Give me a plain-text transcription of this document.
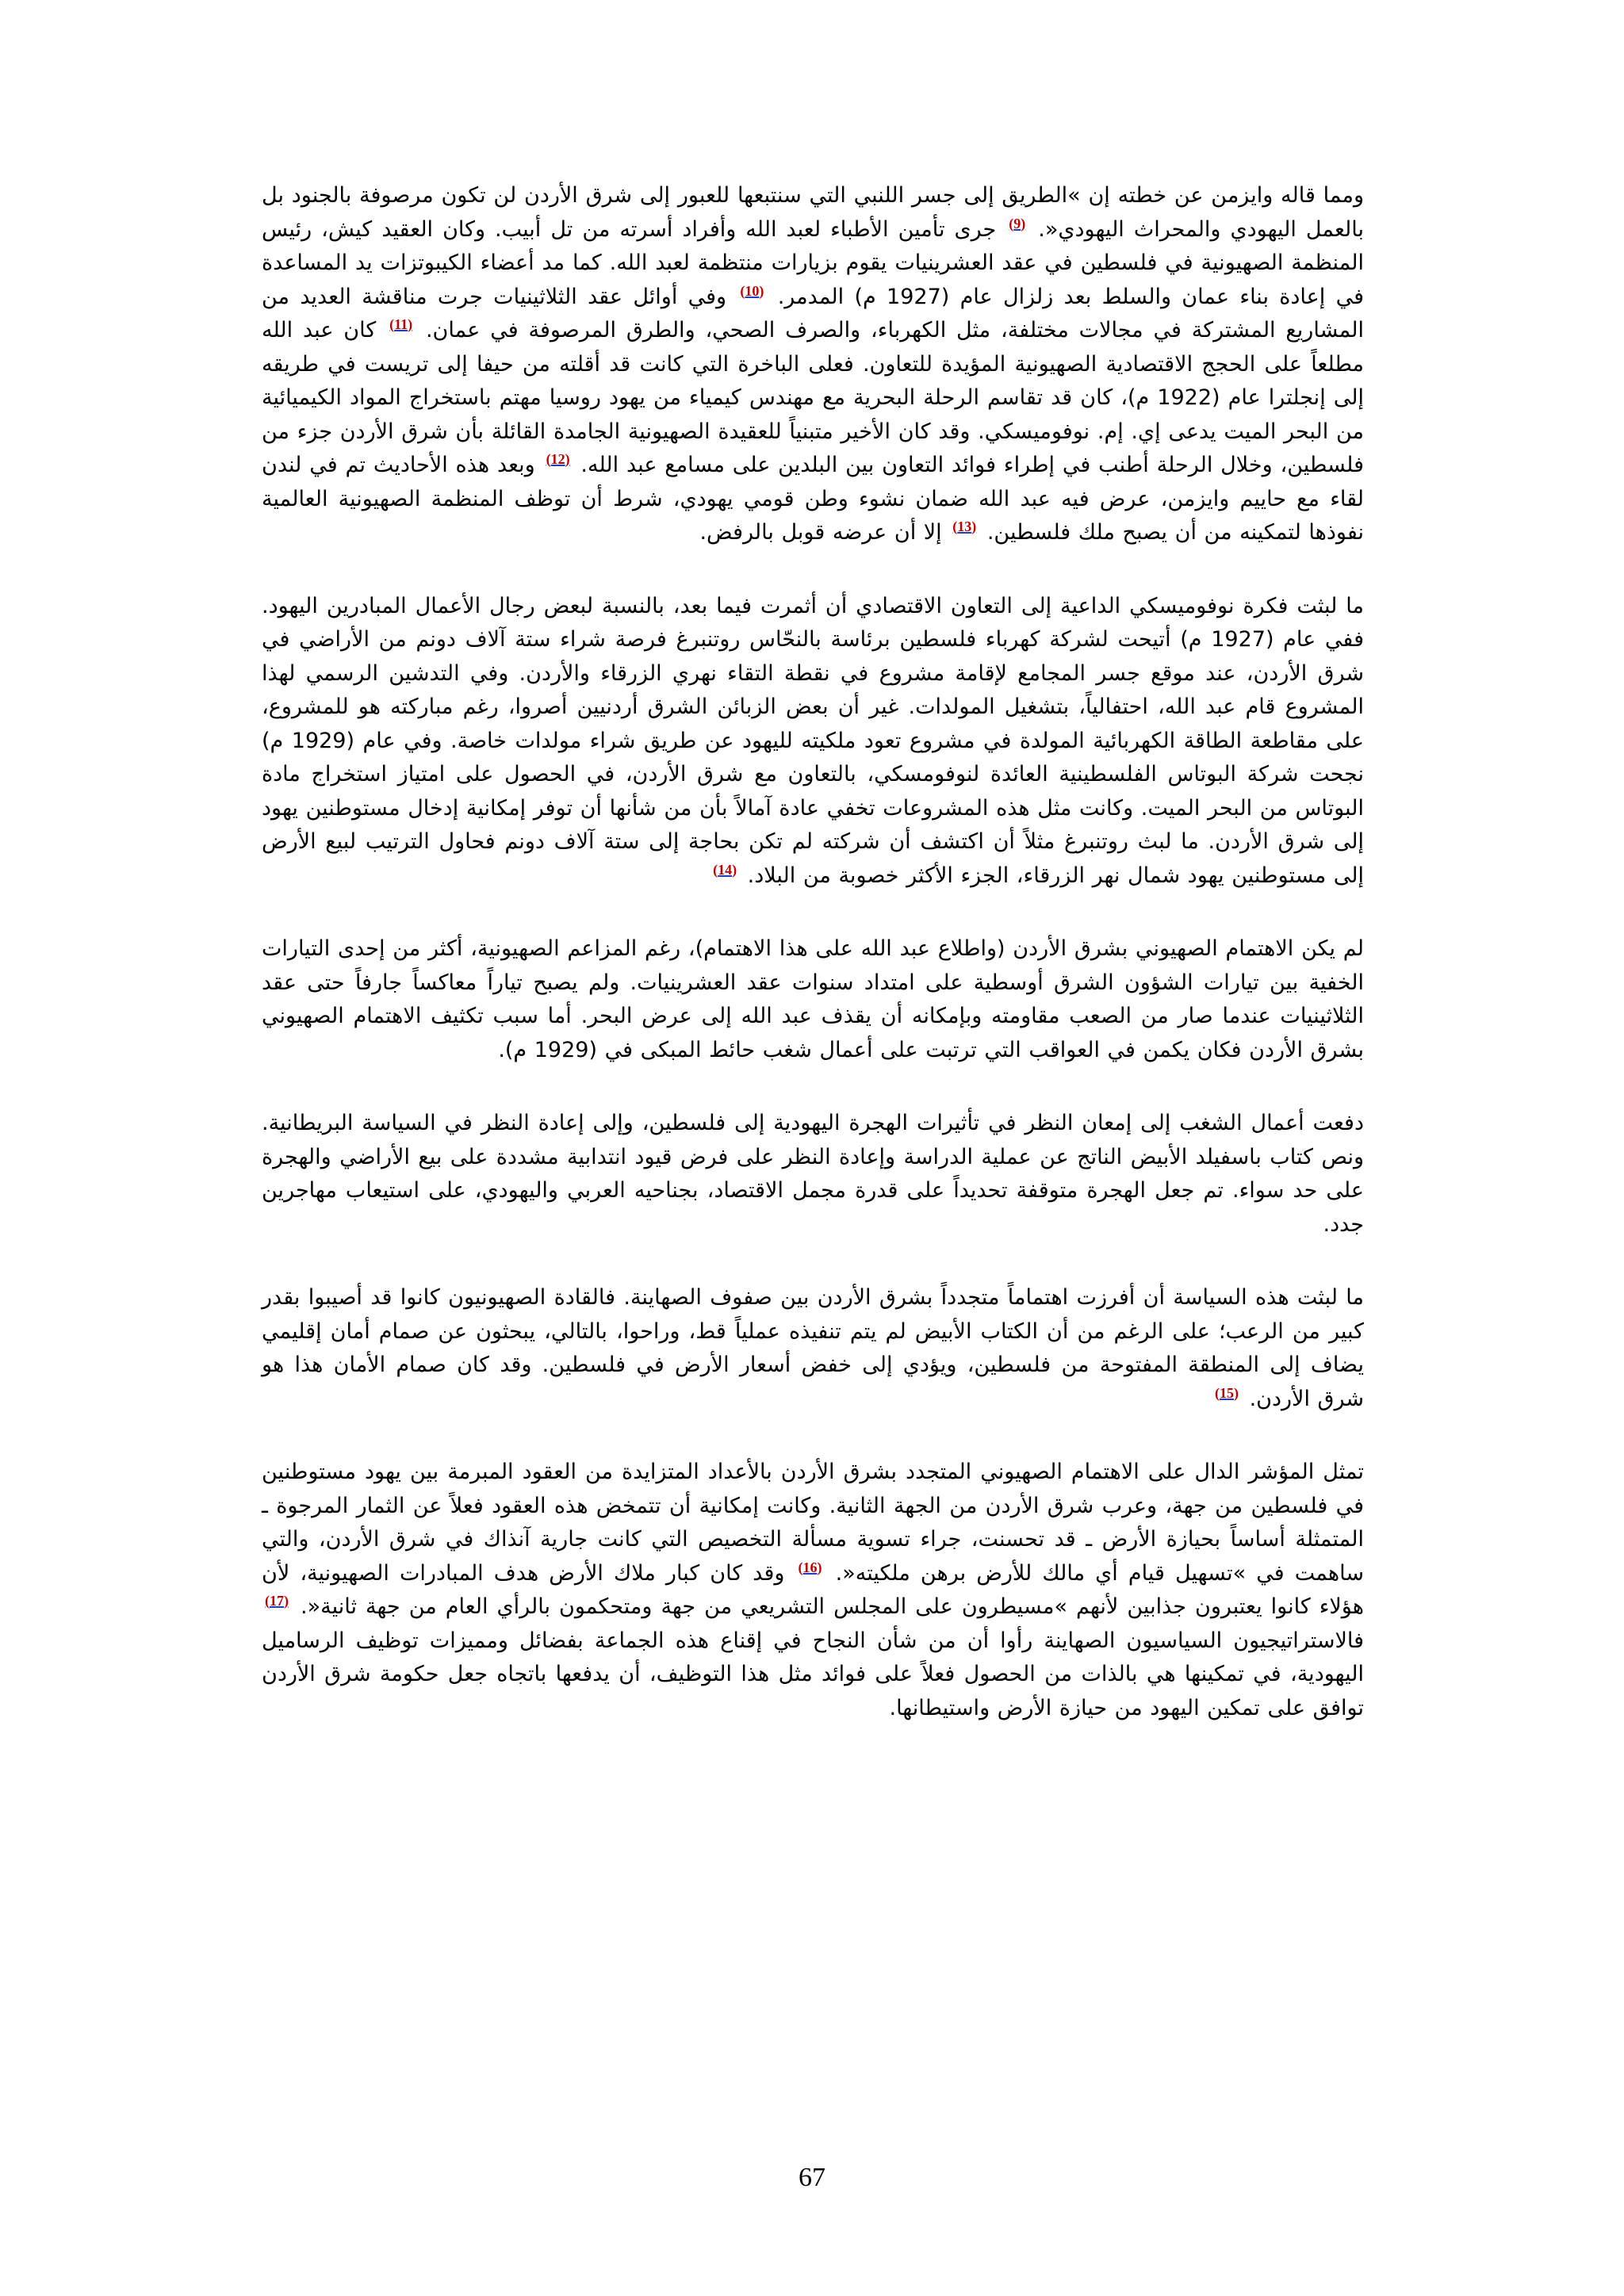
ومما قاله وايزمن عن خطته إن »الطريق إلى جسر اللنبي التي سنتبعها للعبور إلى شرق الأردن لن تكون مرصوفة بالجنود بل بالعمل اليهودي والمحراث اليهودي«. $^{(9)}$ جرى تأمين الأطباء لعبد الله وأفراد أسرته من تل أبيب. وكان العقيد كيش، رئيس المنظمة الصهيونية في فلسطين في عقد العشرينيات يقوم بزيارات منتظمة لعبد الله. كما مد أعضاء الكيبوتزات يد المساعدة في إعادة بناء عمان والسلط بعد زلزال عام (1927 م) المدمر. $^{(10)}$ وفي أوائل عقد الثلاثينيات جرت مناقشة العديد من المشاريع المشتركة في مجالات مختلفة، مثل الكهرباء، والصرف الصحي، والطرق المرصوفة في عمان. $^{(11)}$ كان عبد الله مطلعاً على الحجج الاقتصادية الصهيونية المؤيدة للتعاون. فعلى الباخرة التي كانت قد أقلته من حيفا إلى تريست في طريقه إلى إنجلترا عام (1922 م)، كان قد تقاسم الرحلة البحرية مع مهندس كيمياء من يهود روسيا مهتم باستخراج المواد الكيميائية من البحر الميت يدعى إي. إم. نوفوميسكي. وقد كان الأخير متبنياً للعقيدة الصهيونية الجامدة القائلة بأن شرق الأردن جزء من فلسطين، وخلال الرحلة أطنب في إطراء فوائد التعاون بين البلدين على مسامع عبد الله. $^{(12)}$ وبعد هذه الأحاديث تم في لندن لقاء مع حاييم وايزمن، عرض فيه عبد الله ضمان نشوء وطن قومي يهودي، شرط أن توظف المنظمة الصهيونية العالمية نفوذها لتمكينه من أن يصبح ملك فلسطين. $^{(13)}$ إلا أن عرضه قوبل بالرفض.

ما لبثت فكرة نوفوميسكي الداعية إلى التعاون الاقتصادي أن أثمرت فيما بعد، بالنسبة لبعض رجال الأعمال المبادرين اليهود. ففي عام (1927 م) أتيحت لشركة كهرباء فلسطين برئاسة بالنحّاس روتنبرغ فرصة شراء ستة آلاف دونم من الأراضي في شرق الأردن، عند موقع جسر المجامع لإقامة مشروع في نقطة التقاء نهري الزرقاء والأردن. وفي التدشين الرسمي لهذا المشروع قام عبد الله، احتفالياً، بتشغيل المولدات. غير أن بعض الزبائن الشرق أردنيين أصروا، رغم مباركته هو للمشروع، على مقاطعة الطاقة الكهربائية المولدة في مشروع تعود ملكيته لليهود عن طريق شراء مولدات خاصة. وفي عام (1929 م) نجحت شركة البوتاس الفلسطينية العائدة لنوفومسكي، بالتعاون مع شرق الأردن، في الحصول على امتياز استخراج مادة البوتاس من البحر الميت. وكانت مثل هذه المشروعات تخفي عادة آمالاً بأن من شأنها أن توفر إمكانية إدخال مستوطنين يهود إلى شرق الأردن. ما لبث روتنبرغ مثلاً أن اكتشف أن شركته لم تكن بحاجة إلى ستة آلاف دونم فحاول الترتيب لبيع الأرض إلى مستوطنين يهود شمال نهر الزرقاء، الجزء الأكثر خصوبة من البلاد. $^{(14)}$

لم يكن الاهتمام الصهيوني بشرق الأردن (واطلاع عبد الله على هذا الاهتمام)، رغم المزاعم الصهيونية، أكثر من إحدى التيارات الخفية بين تيارات الشؤون الشرق أوسطية على امتداد سنوات عقد العشرينيات. ولم يصبح تياراً معاكساً جارفاً حتى عقد الثلاثينيات عندما صار من الصعب مقاومته وبإمكانه أن يقذف عبد الله إلى عرض البحر. أما سبب تكثيف الاهتمام الصهيوني بشرق الأردن فكان يكمن في العواقب التي ترتبت على أعمال شغب حائط المبكى في (1929 م).

دفعت أعمال الشغب إلى إمعان النظر في تأثيرات الهجرة اليهودية إلى فلسطين، وإلى إعادة النظر في السياسة البريطانية. ونص كتاب باسفيلد الأبيض الناتج عن عملية الدراسة وإعادة النظر على فرض قيود انتدابية مشددة على بيع الأراضي والهجرة على حد سواء. تم جعل الهجرة متوقفة تحديداً على قدرة مجمل الاقتصاد، بجناحيه العربي واليهودي، على استيعاب مهاجرين جدد.

ما لبثت هذه السياسة أن أفرزت اهتماماً متجدداً بشرق الأردن بين صفوف الصهاينة. فالقادة الصهيونيون كانوا قد أصيبوا بقدر كبير من الرعب؛ على الرغم من أن الكتاب الأبيض لم يتم تنفيذه عملياً قط، وراحوا، بالتالي، يبحثون عن صمام أمان إقليمي يضاف إلى المنطقة المفتوحة من فلسطين، ويؤدي إلى خفض أسعار الأرض في فلسطين. وقد كان صمام الأمان هذا هو شرق الأردن. $^{(15)}$

تمثل المؤشر الدال على الاهتمام الصهيوني المتجدد بشرق الأردن بالأعداد المتزايدة من العقود المبرمة بين يهود مستوطنين في فلسطين من جهة، وعرب شرق الأردن من الجهة الثانية. وكانت إمكانية أن تتمخض هذه العقود فعلاً عن الثمار المرجوة ـ المتمثلة أساساً بحيازة الأرض ـ قد تحسنت، جراء تسوية مسألة التخصيص التي كانت جارية آنذاك في شرق الأردن، والتي ساهمت في »تسهيل قيام أي مالك للأرض برهن ملكيته«. $^{(16)}$ وقد كان كبار ملاك الأرض هدف المبادرات الصهيونية، لأن هؤلاء كانوا يعتبرون جذابين لأنهم »مسيطرون على المجلس التشريعي من جهة ومتحكمون بالرأي العام من جهة ثانية«. $^{(17)}$ فالاستراتيجيون السياسيون الصهاينة رأوا أن من شأن النجاح في إقناع هذه الجماعة بفضائل ومميزات توظيف الرساميل اليهودية، في تمكينها هي بالذات من الحصول فعلاً على فوائد مثل هذا التوظيف، أن يدفعها باتجاه جعل حكومة شرق الأردن توافق على تمكين اليهود من حيازة الأرض واستيطانها.

67
